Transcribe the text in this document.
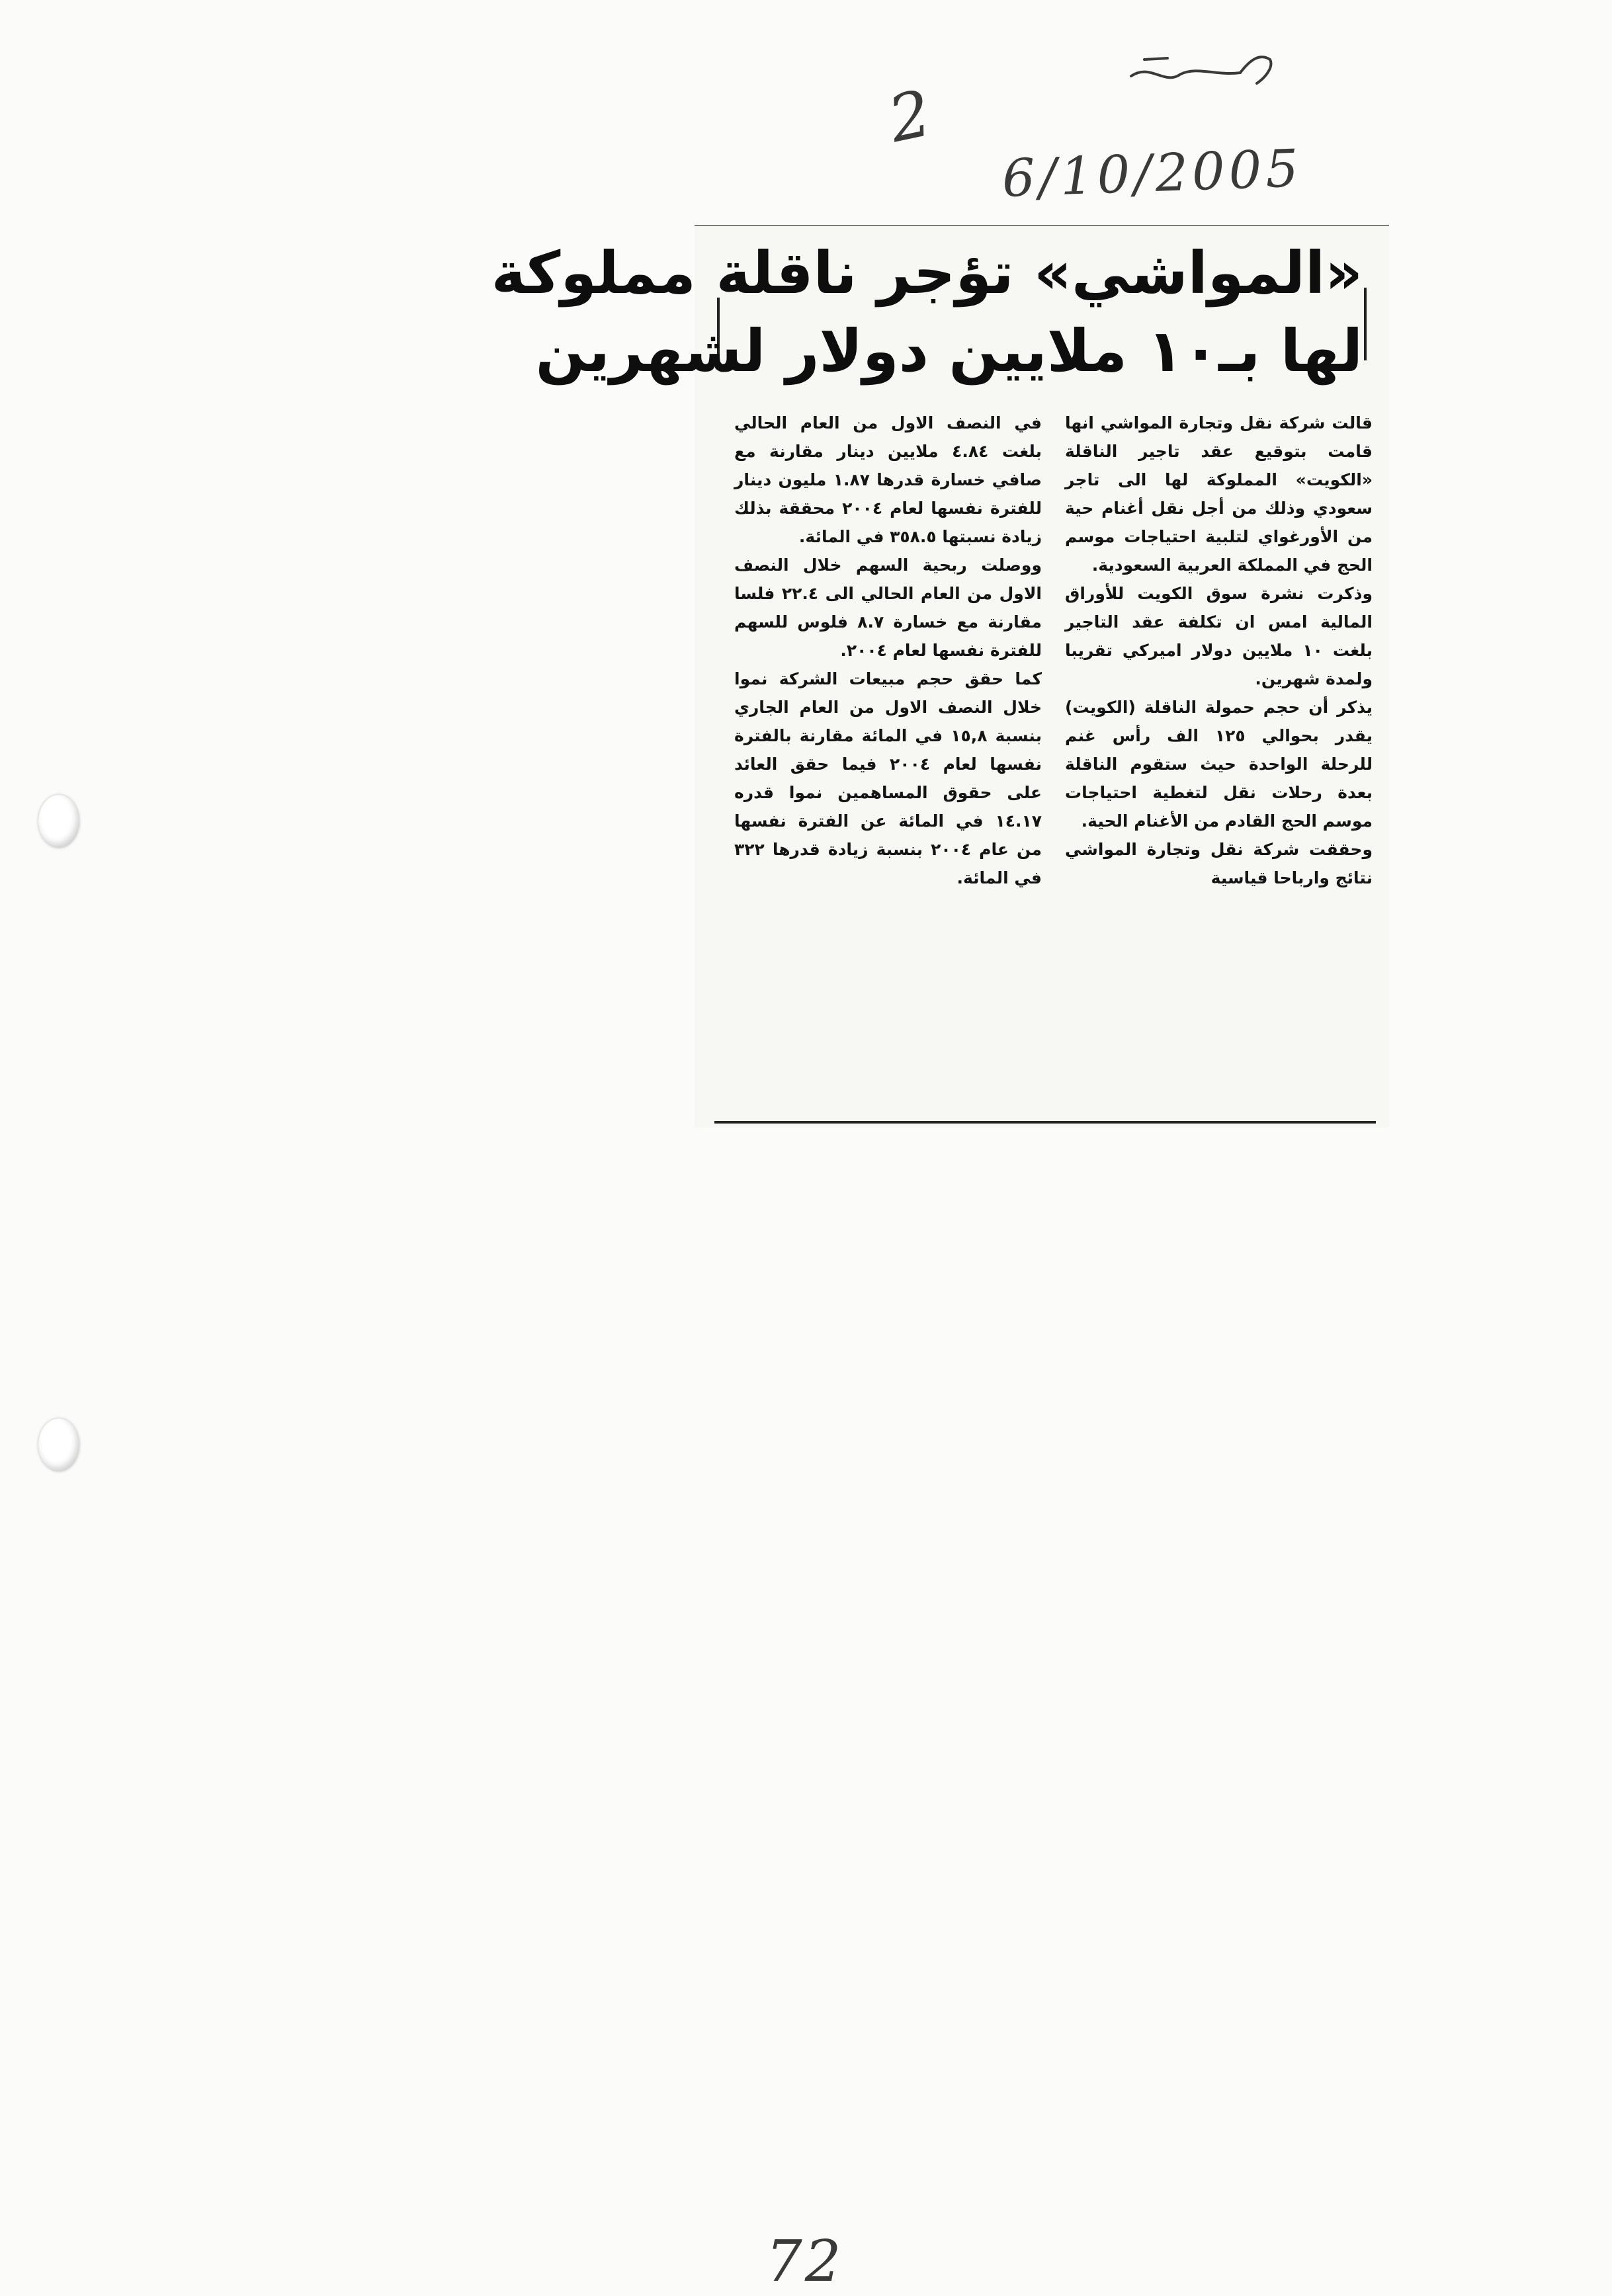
2
6/10/2005
«المواشي» تؤجر ناقلة مملوكة
لها بـ١٠ ملايين دولار لشهرين

قالت شركة نقل وتجارة المواشي انها قامت بتوقيع عقد تاجير الناقلة «الكويت» المملوكة لها الى تاجر سعودي وذلك من أجل نقل أغنام حية من الأورغواي لتلبية احتياجات موسم الحج في المملكة العربية السعودية.

وذكرت نشرة سوق الكويت للأوراق المالية امس ان تكلفة عقد التاجير بلغت ١٠ ملايين دولار اميركي تقريبا ولمدة شهرين.

يذكر أن حجم حمولة الناقلة (الكويت) يقدر بحوالي ١٢٥ الف رأس غنم للرحلة الواحدة حيث ستقوم الناقلة بعدة رحلات نقل لتغطية احتياجات موسم الحج القادم من الأغنام الحية.

وحققت شركة نقل وتجارة المواشي نتائج وارباحا قياسية

في النصف الاول من العام الحالي بلغت ٤.٨٤ ملايين دينار مقارنة مع صافي خسارة قدرها ١.٨٧ مليون دينار للفترة نفسها لعام ٢٠٠٤ محققة بذلك زيادة نسبتها ٣٥٨.٥ في المائة.

ووصلت ربحية السهم خلال النصف الاول من العام الحالي الى ٢٢.٤ فلسا مقارنة مع خسارة ٨.٧ فلوس للسهم للفترة نفسها لعام ٢٠٠٤.

كما حقق حجم مبيعات الشركة نموا خلال النصف الاول من العام الجاري بنسبة ١٥,٨ في المائة مقارنة بالفترة نفسها لعام ٢٠٠٤ فيما حقق العائد على حقوق المساهمين نموا قدره ١٤.١٧ في المائة عن الفترة نفسها من عام ٢٠٠٤ بنسبة زيادة قدرها ٣٢٢ في المائة.

72
